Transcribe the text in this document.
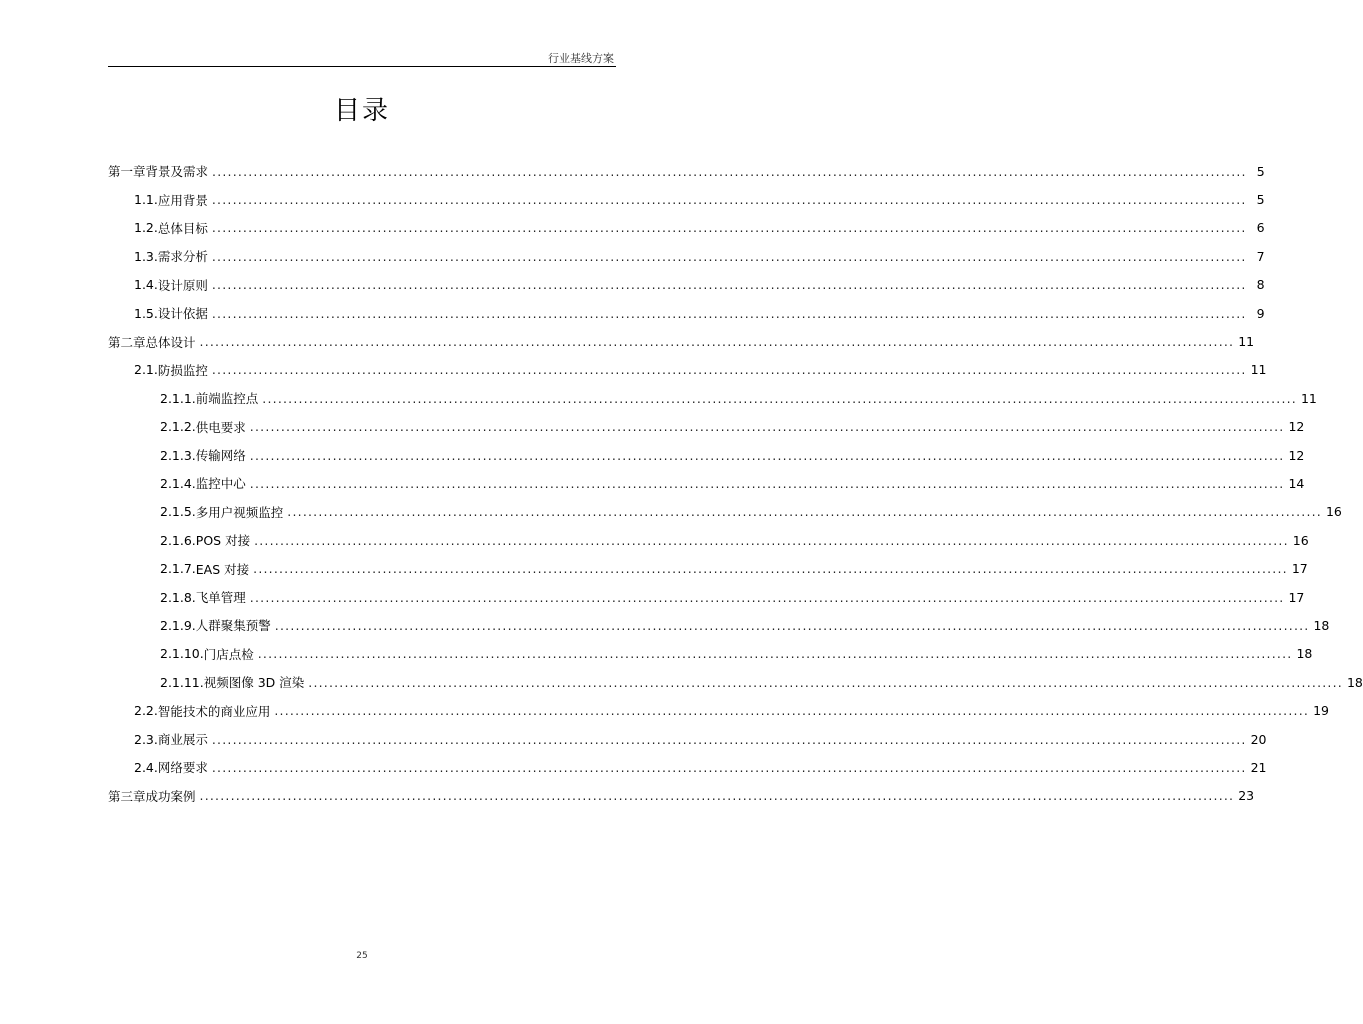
行业基线方案
目录
第一章 背景及需求 ........................................................................................................................................................................................................ 5
1.1. 应用背景 ........................................................................................................................................................................................................ 5
1.2. 总体目标 ........................................................................................................................................................................................................ 6
1.3. 需求分析 ........................................................................................................................................................................................................ 7
1.4. 设计原则 ........................................................................................................................................................................................................ 8
1.5. 设计依据 ........................................................................................................................................................................................................ 9
第二章 总体设计 ........................................................................................................................................................................................................ 11
2.1. 防损监控 ........................................................................................................................................................................................................ 11
2.1.1. 前端监控点 ........................................................................................................................................................................................................ 11
2.1.2. 供电要求 ........................................................................................................................................................................................................ 12
2.1.3. 传输网络 ........................................................................................................................................................................................................ 12
2.1.4. 监控中心 ........................................................................................................................................................................................................ 14
2.1.5. 多用户视频监控 ........................................................................................................................................................................................................ 16
2.1.6. POS 对接 ........................................................................................................................................................................................................ 16
2.1.7. EAS 对接 ........................................................................................................................................................................................................ 17
2.1.8. 飞单管理 ........................................................................................................................................................................................................ 17
2.1.9. 人群聚集预警 ........................................................................................................................................................................................................ 18
2.1.10. 门店点检 ........................................................................................................................................................................................................ 18
2.1.11. 视频图像 3D 渲染 ........................................................................................................................................................................................................ 18
2.2. 智能技术的商业应用 ........................................................................................................................................................................................................ 19
2.3. 商业展示 ........................................................................................................................................................................................................ 20
2.4. 网络要求 ........................................................................................................................................................................................................ 21
第三章 成功案例 ........................................................................................................................................................................................................ 23
25
